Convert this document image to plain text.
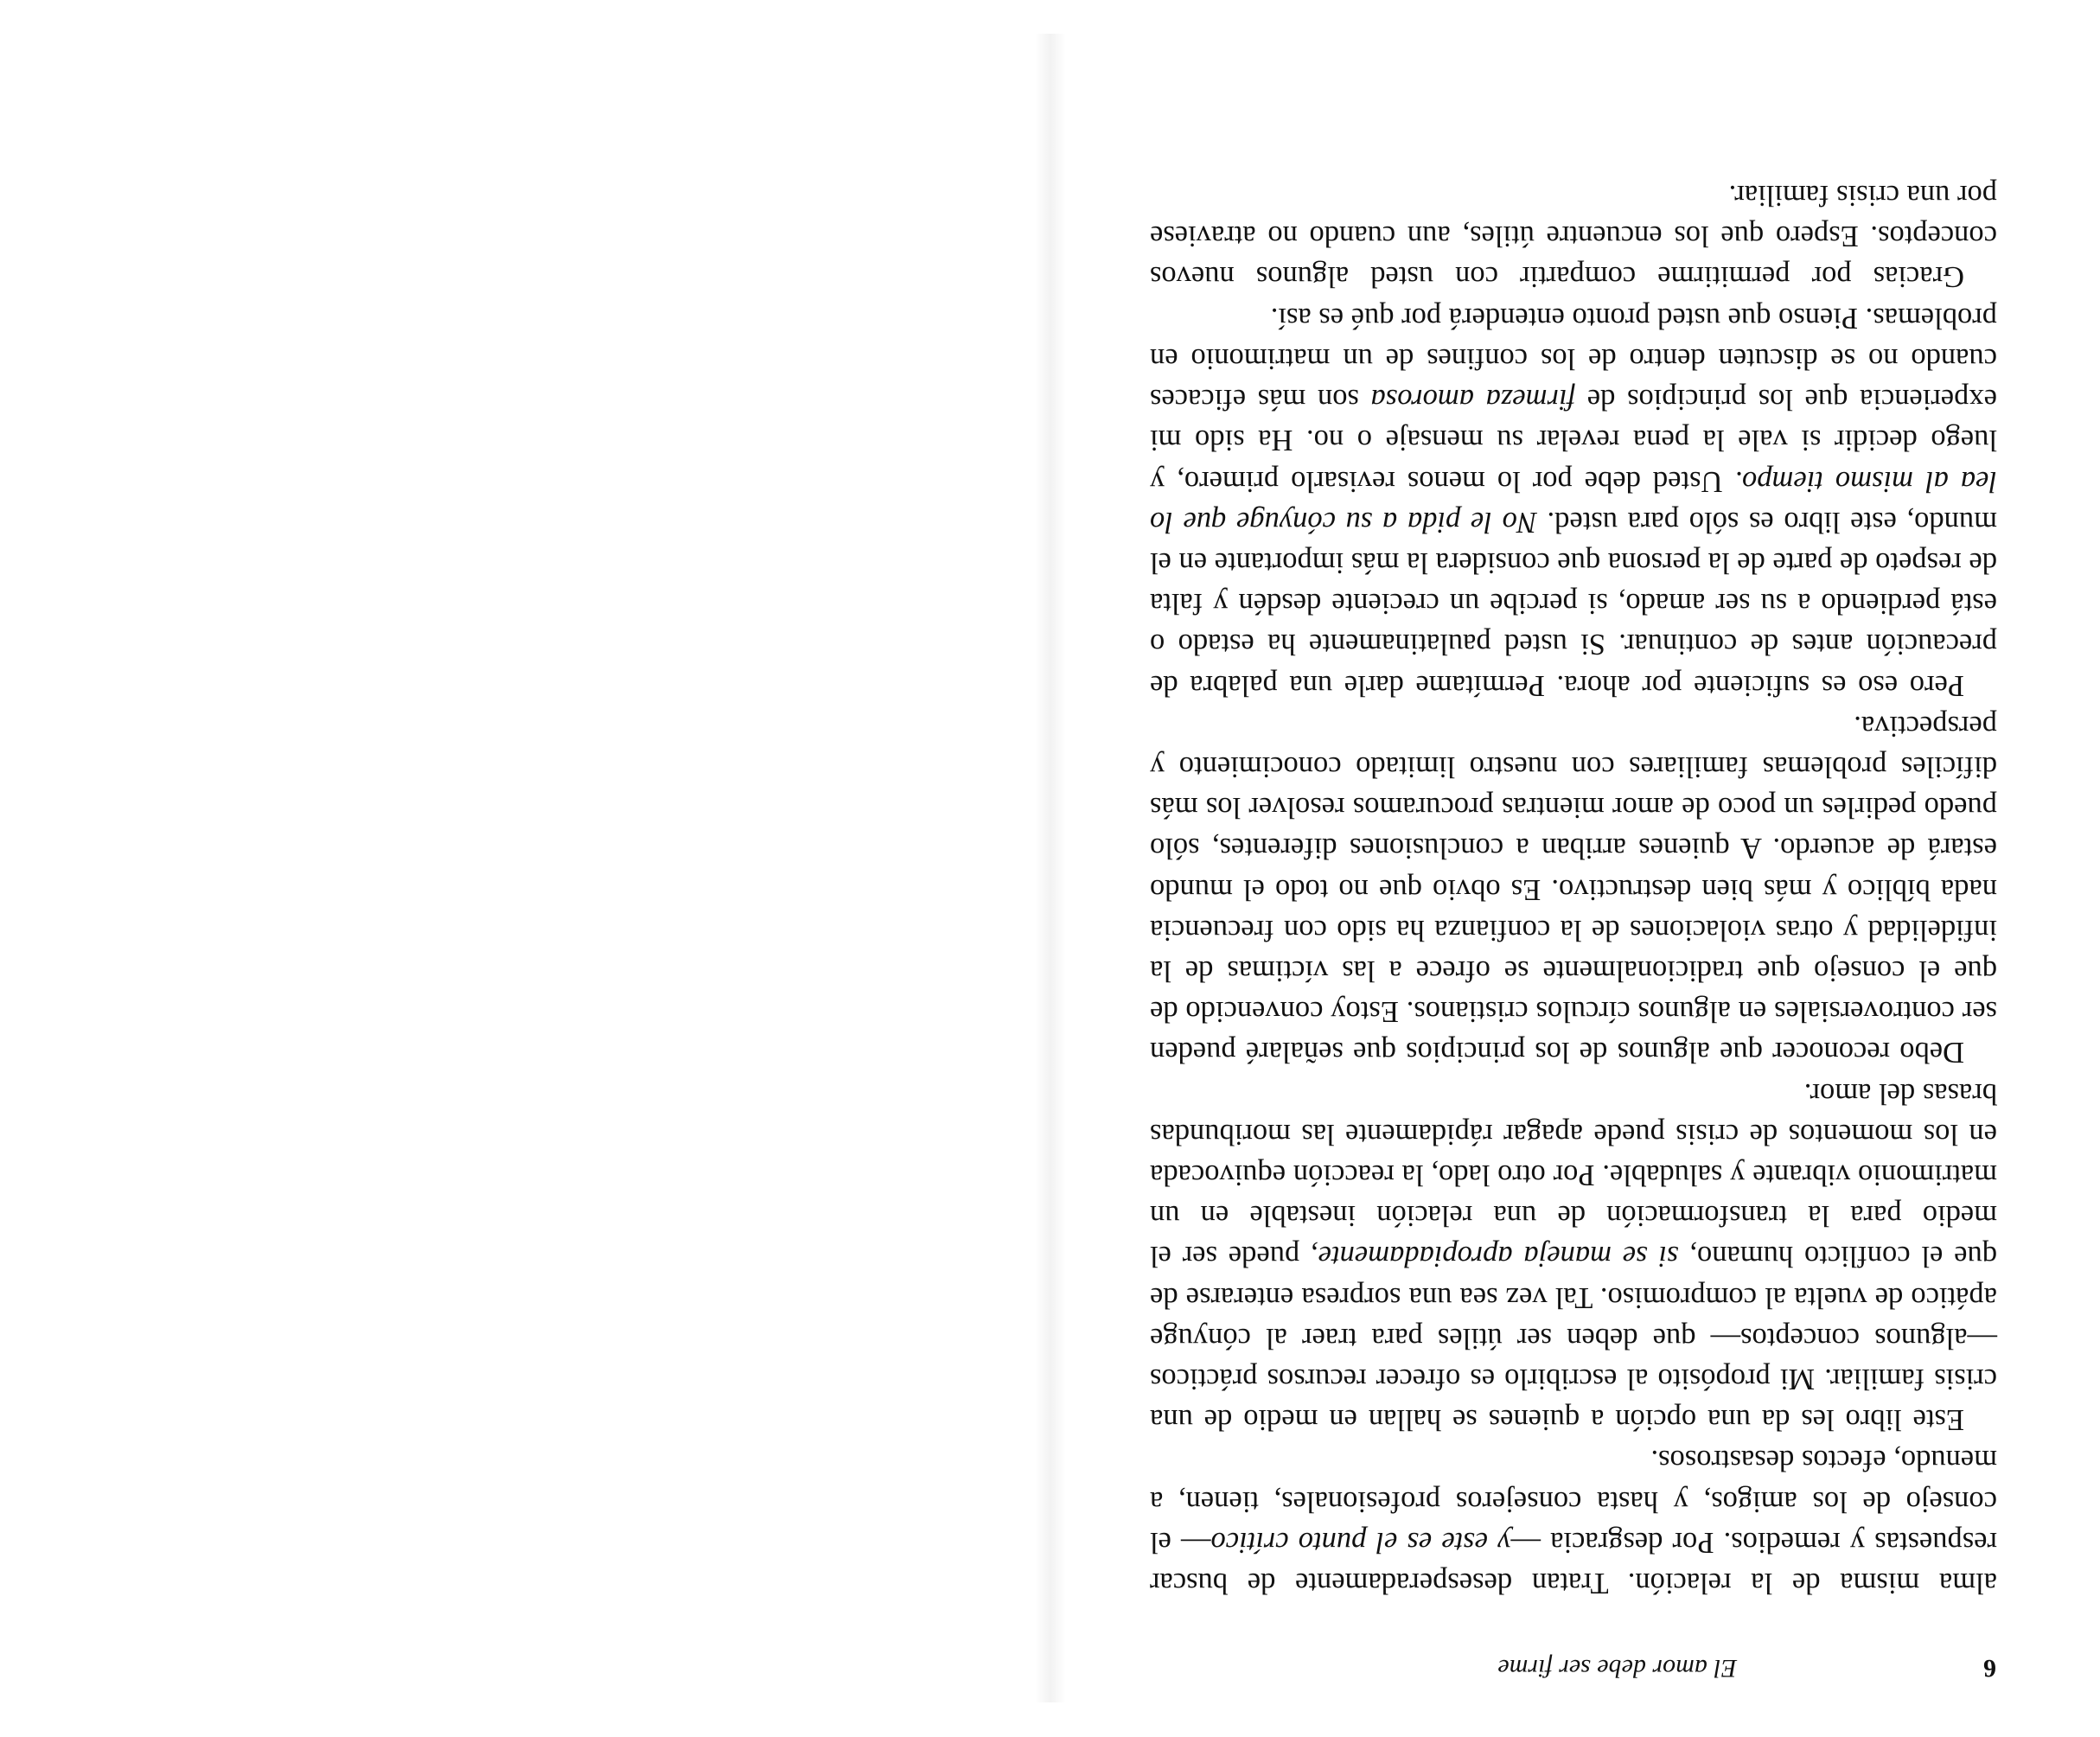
6
El amor debe ser firme

alma misma de la relación. Tratan desesperadamente de buscar respuestas y remedios. Por desgracia —y este es el punto crítico— el consejo de los amigos, y hasta consejeros profesionales, tienen, a menudo, efectos desastrosos.

Este libro les da una opción a quienes se hallan en medio de una crisis familiar. Mi propósito al escribirlo es ofrecer recursos prácticos —algunos conceptos— que deben ser útiles para traer al cónyuge apático de vuelta al compromiso. Tal vez sea una sorpresa enterarse de que el conflicto humano, si se maneja apropiadamente, puede ser el medio para la transformación de una relación inestable en un matrimonio vibrante y saludable. Por otro lado, la reacción equivocada en los momentos de crisis puede apagar rápidamente las moribundas brasas del amor.

Debo reconocer que algunos de los principios que señalaré pueden ser controversiales en algunos círculos cristianos. Estoy convencido de que el consejo que tradicionalmente se ofrece a las víctimas de la infidelidad y otras violaciones de la confianza ha sido con frecuencia nada bíblico y más bien destructivo. Es obvio que no todo el mundo estará de acuerdo. A quienes arriban a conclusiones diferentes, sólo puedo pedirles un poco de amor mientras procuramos resolver los más difíciles problemas familiares con nuestro limitado conocimiento y perspectiva.

Pero eso es suficiente por ahora. Permítame darle una palabra de precaución antes de continuar. Si usted paulatinamente ha estado o está perdiendo a su ser amado, si percibe un creciente desdén y falta de respeto de parte de la persona que considera la más importante en el mundo, este libro es sólo para usted. No le pida a su cónyuge que lo lea al mismo tiempo. Usted debe por lo menos revisarlo primero, y luego decidir si vale la pena revelar su mensaje o no. Ha sido mi experiencia que los principios de firmeza amorosa son más eficaces cuando no se discuten dentro de los confines de un matrimonio en problemas. Pienso que usted pronto entenderá por qué es así.

Gracias por permitirme compartir con usted algunos nuevos conceptos. Espero que los encuentre útiles, aun cuando no atraviese por una crisis familiar.
